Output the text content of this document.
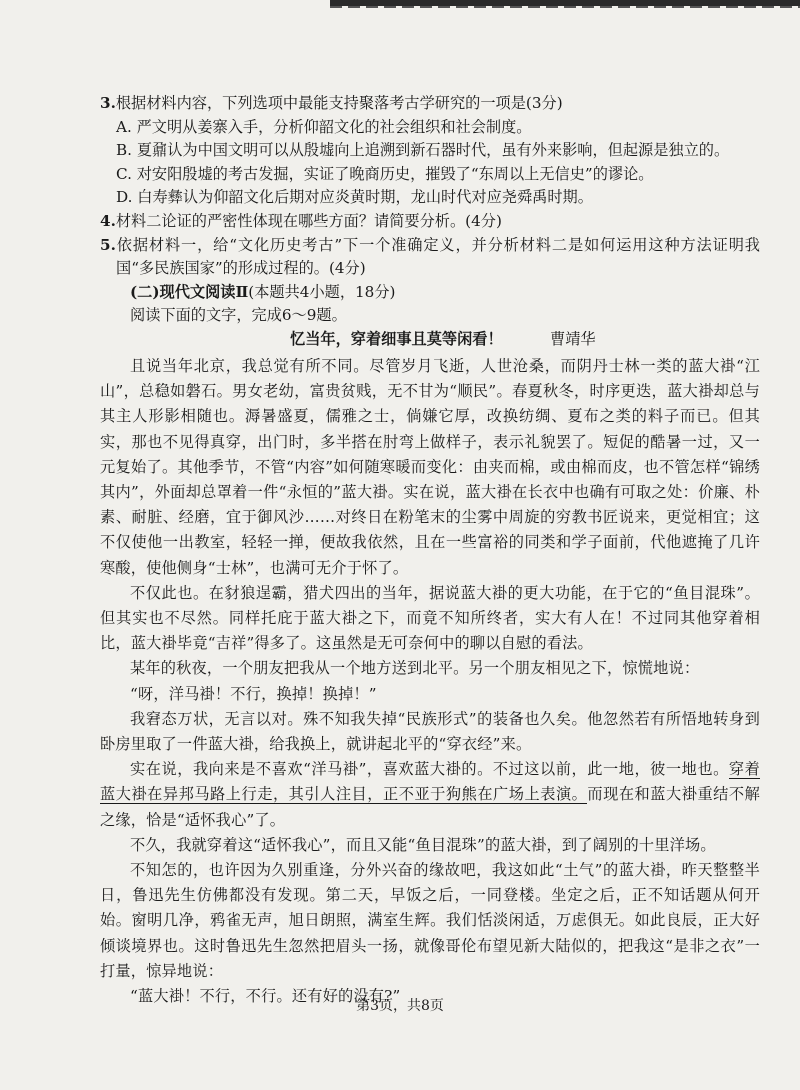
3.根据材料内容，下列选项中最能支持聚落考古学研究的一项是(3分)

A. 严文明从姜寨入手，分析仰韶文化的社会组织和社会制度。

B. 夏鼐认为中国文明可以从殷墟向上追溯到新石器时代，虽有外来影响，但起源是独立的。

C. 对安阳殷墟的考古发掘，实证了晚商历史，摧毁了“东周以上无信史”的谬论。

D. 白寿彝认为仰韶文化后期对应炎黄时期，龙山时代对应尧舜禹时期。

4.材料二论证的严密性体现在哪些方面？请简要分析。(4分)

5.依据材料一，给“文化历史考古”下一个准确定义，并分析材料二是如何运用这种方法证明我国“多民族国家”的形成过程的。(4分)

(二)现代文阅读Ⅱ(本题共4小题，18分)

阅读下面的文字，完成6～9题。

忆当年，穿着细事且莫等闲看！	曹靖华

且说当年北京，我总觉有所不同。尽管岁月飞逝，人世沧桑，而阴丹士林一类的蓝大褂“江山”，总稳如磐石。男女老幼，富贵贫贱，无不甘为“顺民”。春夏秋冬，时序更迭，蓝大褂却总与其主人形影相随也。溽暑盛夏，儒雅之士，倘嫌它厚，改换纺绸、夏布之类的料子而已。但其实，那也不见得真穿，出门时，多半搭在肘弯上做样子，表示礼貌罢了。短促的酷暑一过，又一元复始了。其他季节，不管“内容”如何随寒暖而变化：由夹而棉，或由棉而皮，也不管怎样“锦绣其内”，外面却总罩着一件“永恒的”蓝大褂。实在说，蓝大褂在长衣中也确有可取之处：价廉、朴素、耐脏、经磨，宜于御风沙……对终日在粉笔末的尘雾中周旋的穷教书匠说来，更觉相宜；这不仅使他一出教室，轻轻一掸，便故我依然，且在一些富裕的同类和学子面前，代他遮掩了几许寒酸，使他侧身“士林”，也满可无介于怀了。

不仅此也。在豺狼逞霸，猎犬四出的当年，据说蓝大褂的更大功能，在于它的“鱼目混珠”。但其实也不尽然。同样托庇于蓝大褂之下，而竟不知所终者，实大有人在！不过同其他穿着相比，蓝大褂毕竟“吉祥”得多了。这虽然是无可奈何中的聊以自慰的看法。

某年的秋夜，一个朋友把我从一个地方送到北平。另一个朋友相见之下，惊慌地说：

“呀，洋马褂！不行，换掉！换掉！”

我窘态万状，无言以对。殊不知我失掉“民族形式”的装备也久矣。他忽然若有所悟地转身到卧房里取了一件蓝大褂，给我换上，就讲起北平的“穿衣经”来。

实在说，我向来是不喜欢“洋马褂”，喜欢蓝大褂的。不过这以前，此一地，彼一地也。穿着蓝大褂在异邦马路上行走，其引人注目，正不亚于狗熊在广场上表演。而现在和蓝大褂重结不解之缘，恰是“适怀我心”了。

不久，我就穿着这“适怀我心”，而且又能“鱼目混珠”的蓝大褂，到了阔别的十里洋场。

不知怎的，也许因为久别重逢，分外兴奋的缘故吧，我这如此“土气”的蓝大褂，昨天整整半日，鲁迅先生仿佛都没有发现。第二天，早饭之后，一同登楼。坐定之后，正不知话题从何开始。窗明几净，鸦雀无声，旭日朗照，满室生辉。我们恬淡闲适，万虑俱无。如此良辰，正大好倾谈境界也。这时鲁迅先生忽然把眉头一扬，就像哥伦布望见新大陆似的，把我这“是非之衣”一打量，惊异地说：

“蓝大褂！不行，不行。还有好的没有?”

第3页，共8页
